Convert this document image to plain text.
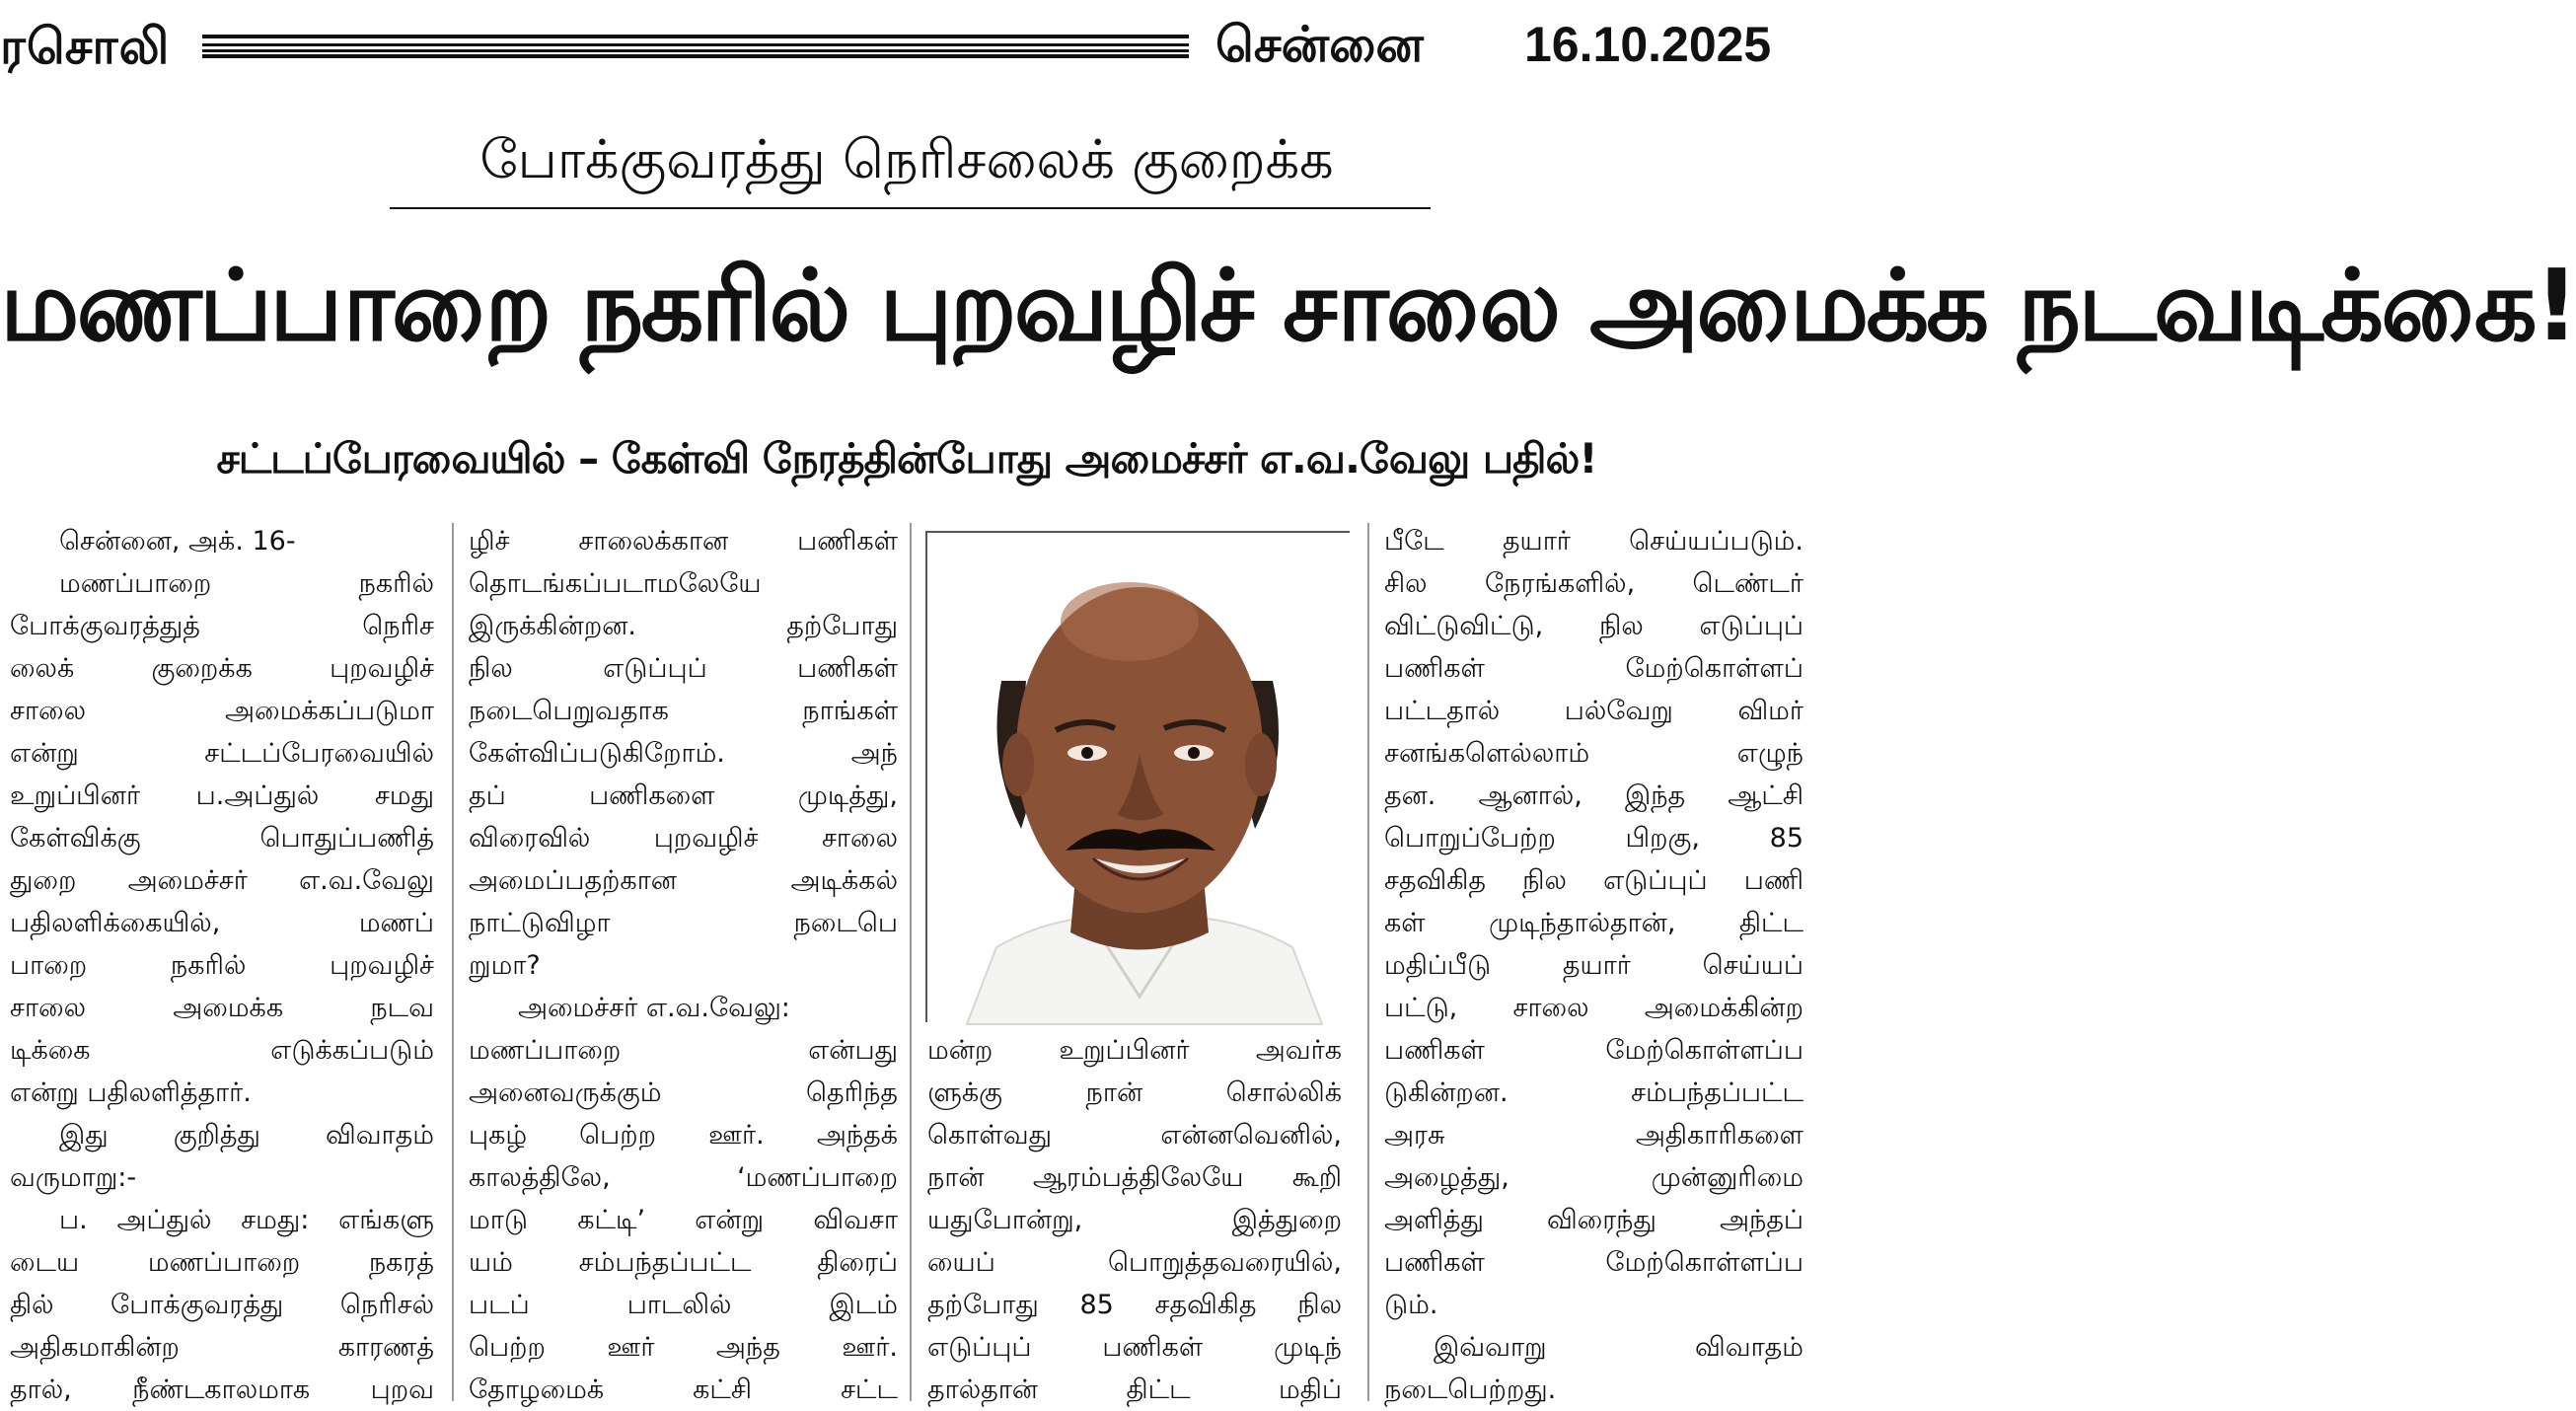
ரசொலி	சென்னை 16.10.2025
போக்குவரத்து நெரிசலைக் குறைக்க
மணப்பாறை நகரில் புறவழிச் சாலை அமைக்க நடவடிக்கை!
சட்டப்பேரவையில் – கேள்வி நேரத்தின்போது அமைச்சர் எ.வ.வேலு பதில்!
சென்னை, அக். 16-
மணப்பாறை நகரில்
போக்குவரத்துத் நெரிச
லைக் குறைக்க புறவழிச்
சாலை அமைக்கப்படுமா
என்று சட்டப்பேரவையில்
உறுப்பினர் ப.அப்துல் சமது
கேள்விக்கு பொதுப்பணித்
துறை அமைச்சர் எ.வ.வேலு
பதிலளிக்கையில், மணப்
பாறை நகரில் புறவழிச்
சாலை அமைக்க நடவ
டிக்கை எடுக்கப்படும்
என்று பதிலளித்தார்.
இது குறித்து விவாதம்
வருமாறு:-
ப. அப்துல் சமது: எங்களு
டைய மணப்பாறை நகரத்
தில் போக்குவரத்து நெரிசல்
அதிகமாகின்ற காரணத்
தால், நீண்டகாலமாக புறவ
ழிச் சாலைக்கான பணிகள்
தொடங்கப்படாமலேயே
இருக்கின்றன. தற்போது
நில எடுப்புப் பணிகள்
நடைபெறுவதாக நாங்கள்
கேள்விப்படுகிறோம். அந்
தப் பணிகளை முடித்து,
விரைவில் புறவழிச் சாலை
அமைப்பதற்கான அடிக்கல்
நாட்டுவிழா நடைபெ
றுமா?
அமைச்சர் எ.வ.வேலு:
மணப்பாறை என்பது
அனைவருக்கும் தெரிந்த
புகழ் பெற்ற ஊர். அந்தக்
காலத்திலே, ‘மணப்பாறை
மாடு கட்டி’ என்று விவசா
யம் சம்பந்தப்பட்ட திரைப்
படப் பாடலில் இடம்
பெற்ற ஊர் அந்த ஊர்.
தோழமைக் கட்சி சட்ட
மன்ற உறுப்பினர் அவர்க
ளுக்கு நான் சொல்லிக்
கொள்வது என்னவெனில்,
நான் ஆரம்பத்திலேயே கூறி
யதுபோன்று, இத்துறை
யைப் பொறுத்தவரையில்,
தற்போது 85 சதவிகித நில
எடுப்புப் பணிகள் முடிந்
தால்தான் திட்ட மதிப்
பீடே தயார் செய்யப்படும்.
சில நேரங்களில், டெண்டர்
விட்டுவிட்டு, நில எடுப்புப்
பணிகள் மேற்கொள்ளப்
பட்டதால் பல்வேறு விமர்
சனங்களெல்லாம் எழுந்
தன. ஆனால், இந்த ஆட்சி
பொறுப்பேற்ற பிறகு, 85
சதவிகித நில எடுப்புப் பணி
கள் முடிந்தால்தான், திட்ட
மதிப்பீடு தயார் செய்யப்
பட்டு, சாலை அமைக்கின்ற
பணிகள் மேற்கொள்ளப்ப
டுகின்றன. சம்பந்தப்பட்ட
அரசு அதிகாரிகளை
அழைத்து, முன்னுரிமை
அளித்து விரைந்து அந்தப்
பணிகள் மேற்கொள்ளப்ப
டும்.
இவ்வாறு விவாதம்
நடைபெற்றது.
